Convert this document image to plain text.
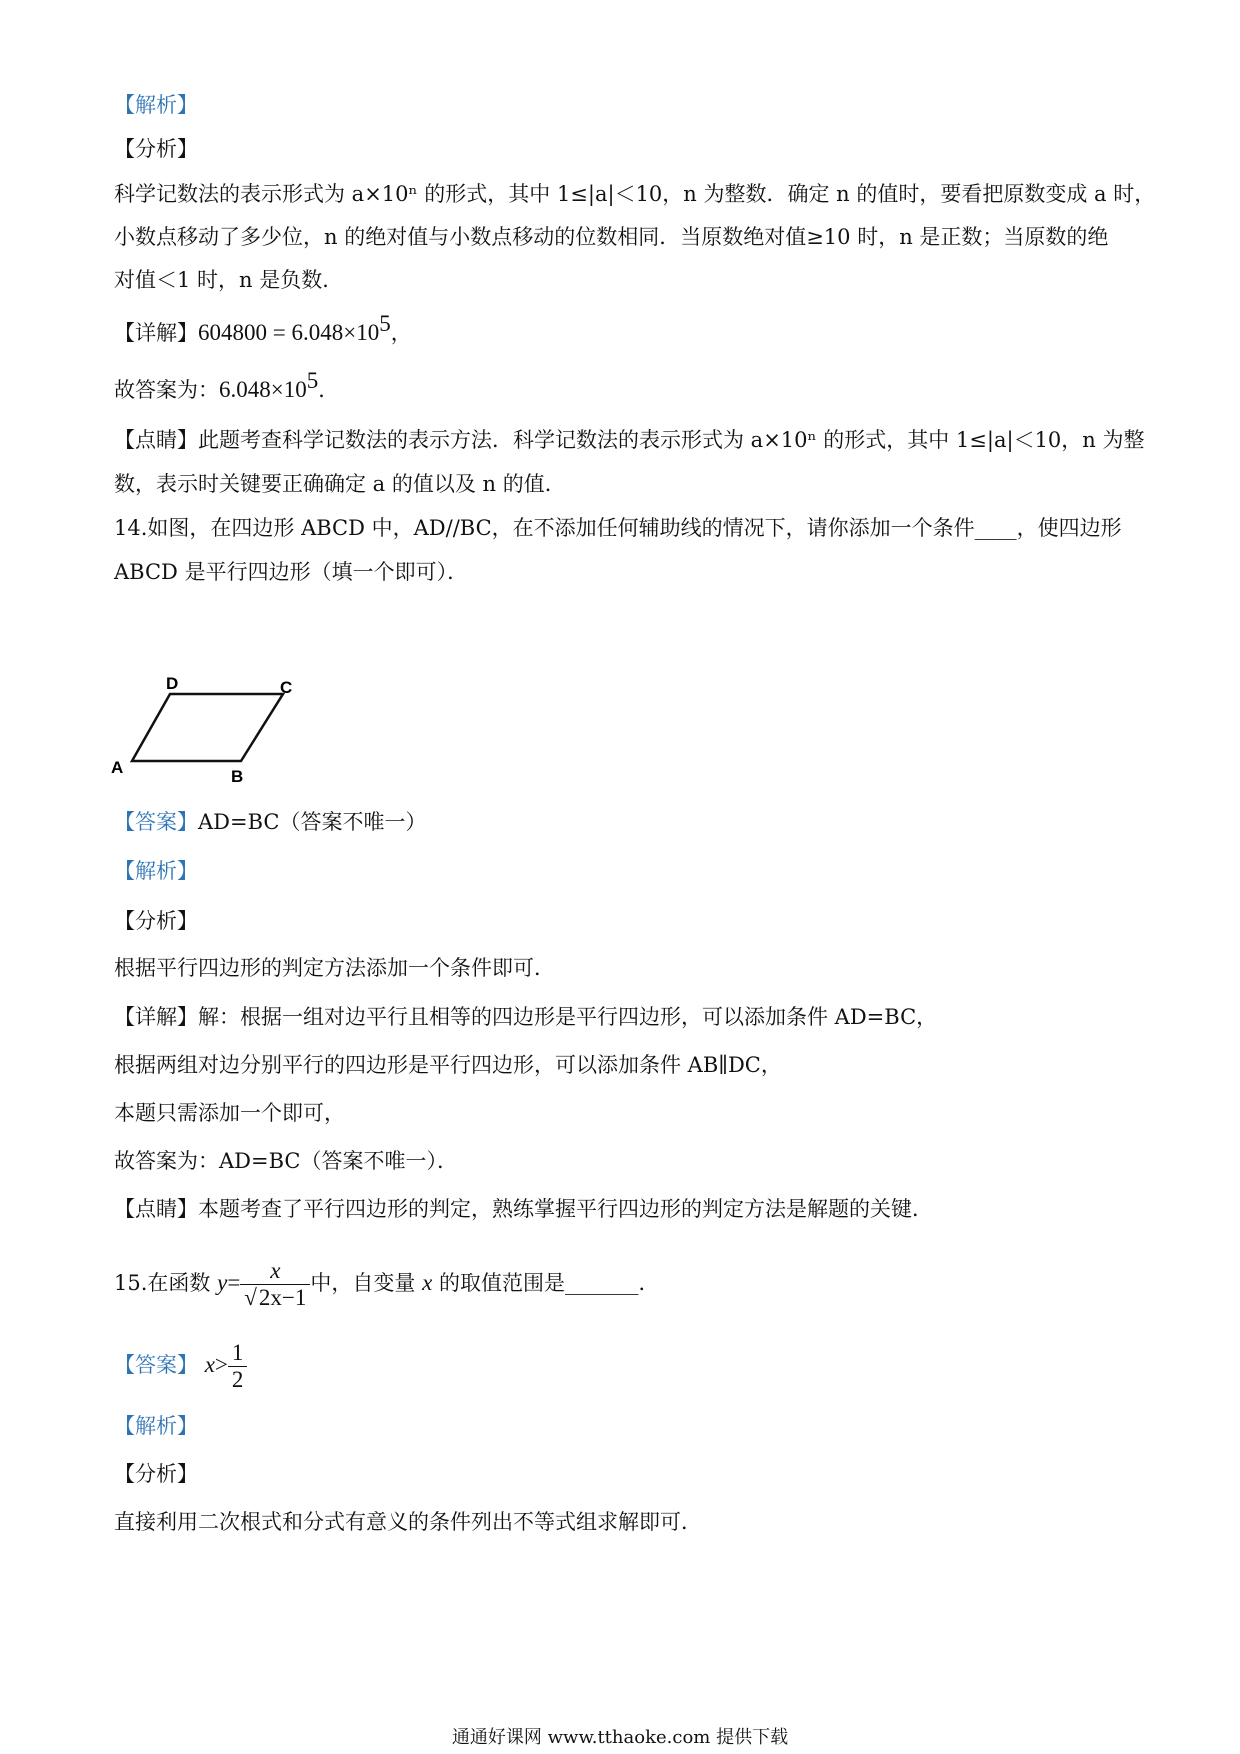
【解析】
【分析】
科学记数法的表示形式为 a×10ⁿ 的形式，其中 1≤|a|＜10，n 为整数．确定 n 的值时，要看把原数变成 a 时，
小数点移动了多少位，n 的绝对值与小数点移动的位数相同．当原数绝对值≥10 时，n 是正数；当原数的绝
对值＜1 时，n 是负数．
【详解】$604800 = 6.048\times 10^5$，
故答案为：$6.048\times 10^5$．
【点睛】此题考查科学记数法的表示方法．科学记数法的表示形式为 a×10ⁿ 的形式，其中 1≤|a|＜10，n 为整
数，表示时关键要正确确定 a 的值以及 n 的值．
14.如图，在四边形 ABCD 中，AD//BC，在不添加任何辅助线的情况下，请你添加一个条件____，使四边形
ABCD 是平行四边形（填一个即可）．
A	B
C
D
【答案】AD=BC（答案不唯一）
【解析】
【分析】
根据平行四边形的判定方法添加一个条件即可．
【详解】解：根据一组对边平行且相等的四边形是平行四边形，可以添加条件 AD=BC，
根据两组对边分别平行的四边形是平行四边形，可以添加条件 AB∥DC，
本题只需添加一个即可，
故答案为：AD=BC（答案不唯一）．
【点睛】本题考查了平行四边形的判定，熟练掌握平行四边形的判定方法是解题的关键．
15.在函数 $y= \frac{x}{√2x-1}$ 中，自变量 x 的取值范围是_______．
【答案】 $x> \frac{1}{2}$
【解析】
【分析】
直接利用二次根式和分式有意义的条件列出不等式组求解即可．
通通好课网 www.tthaoke.com 提供下载
